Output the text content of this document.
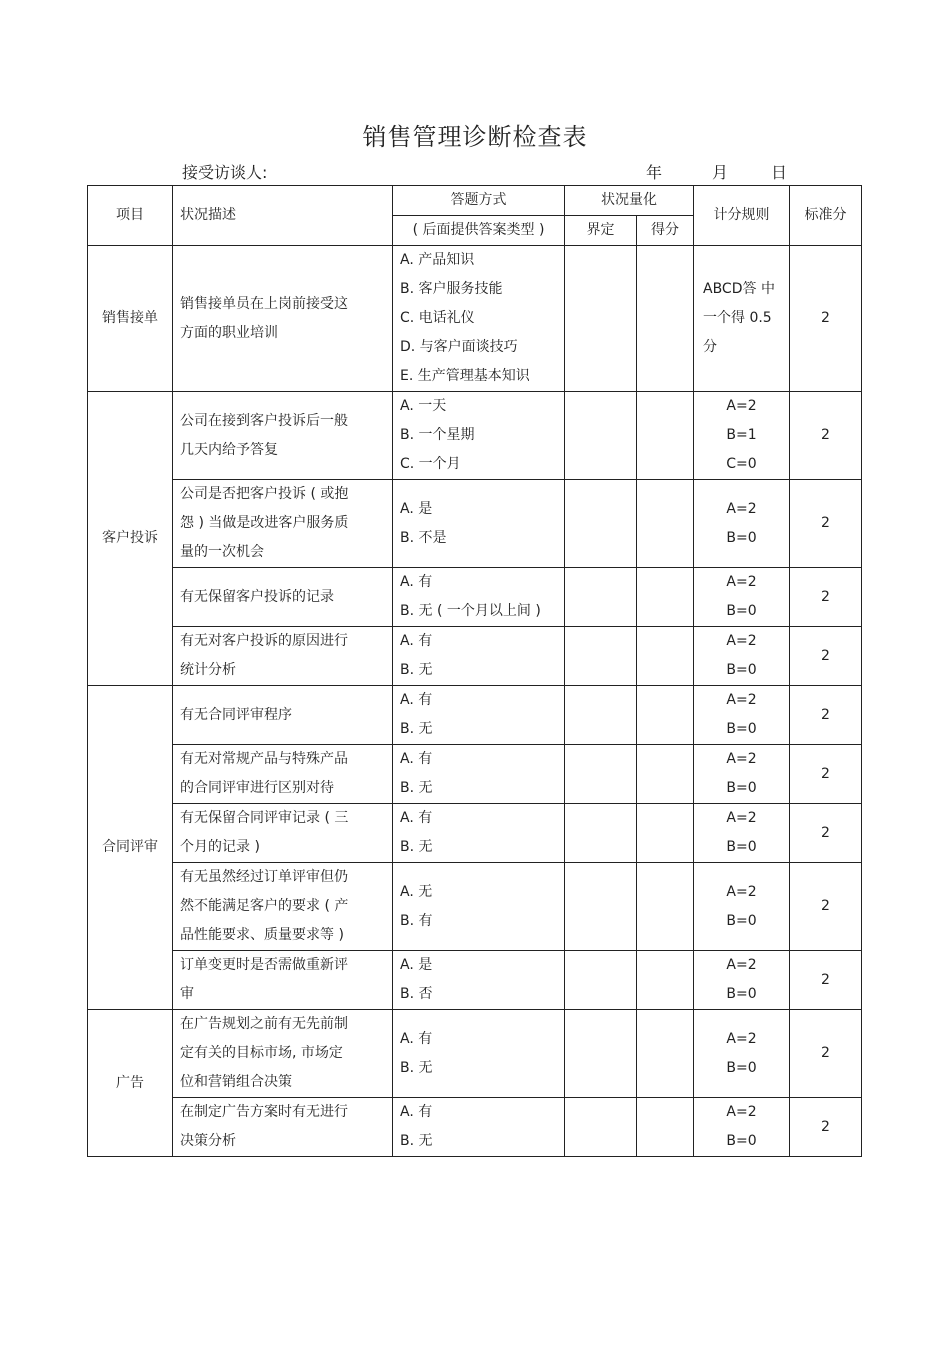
销售管理诊断检查表
接受访谈人:	年	月	日
项目	状况描述	答题方式	状况量化		计分规则	标准分
		( 后面提供答案类型 )	界定	得分		
销售接单	销售接单员在上岗前接受这
方面的职业培训	A. 产品知识
B. 客户服务技能
C. 电话礼仪
D. 与客户面谈技巧
E. 生产管理基本知识			ABCD答 中
一个得 0.5
分	2
客户投诉	公司在接到客户投诉后一般
几天内给予答复	A. 一天
B. 一个星期
C. 一个月			A=2
B=1
C=0	2

	公司是否把客户投诉 ( 或抱
怨 ) 当做是改进客户服务质
量的一次机会	A. 是
B. 不是			A=2
B=0	2

	有无保留客户投诉的记录	A. 有
B. 无 ( 一个月以上间 )			A=2
B=0	2

	有无对客户投诉的原因进行
统计分析	A. 有
B. 无			A=2
B=0	2
合同评审	有无合同评审程序	A. 有
B. 无			A=2
B=0	2

	有无对常规产品与特殊产品
的合同评审进行区别对待	A. 有
B. 无			A=2
B=0	2

	有无保留合同评审记录 ( 三
个月的记录 )	A. 有
B. 无			A=2
B=0	2

	有无虽然经过订单评审但仍
然不能满足客户的要求 ( 产
品性能要求、质量要求等 )	A. 无
B. 有			A=2
B=0	2

	订单变更时是否需做重新评
审	A. 是
B. 否			A=2
B=0	2
广告	在广告规划之前有无先前制
定有关的目标市场, 市场定
位和营销组合决策	A. 有
B. 无			A=2
B=0	2

	在制定广告方案时有无进行
决策分析	A. 有
B. 无			A=2
B=0	2
